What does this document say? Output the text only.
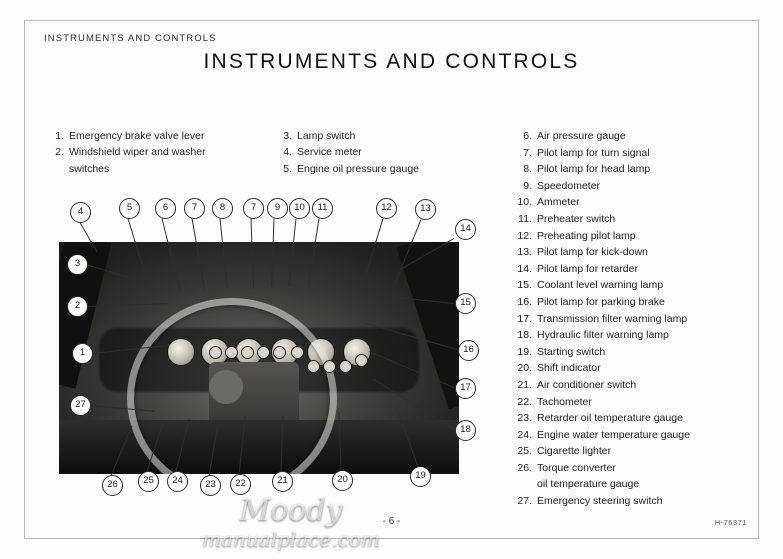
INSTRUMENTS AND CONTROLS
INSTRUMENTS AND CONTROLS
1. Emergency brake valve lever
2. Windshield wiper and washer
switches
3. Lamp switch
4. Service meter
5. Engine oil pressure gauge
6. Air pressure gauge
7. Pilot lamp for turn signal
8. Pilot lamp for head lamp
9. Speedometer
10. Ammeter
11. Preheater switch
12. Preheating pilot lamp
13. Pilot lamp for kick-down
14. Pilot lamp for retarder
15. Coolant level warning lamp
16. Pilot lamp for parking brake
17. Transmission filter warning lamp
18. Hydraulic filter warning lamp
19. Starting switch
20. Shift indicator
21. Air conditioner switch
22. Tachometer
23. Retarder oil temperature gauge
24. Engine water temperature gauge
25. Cigarette lighter
26. Torque converter
oil temperature gauge
27. Emergency steering switch
Moody
manualplace.com
4	5	6	7	8	7	9	10	11	12	13
14
3
2
1
15
16
17
18
19
20
21
22
23
24
25
26
27
- 6 -	H-76371
